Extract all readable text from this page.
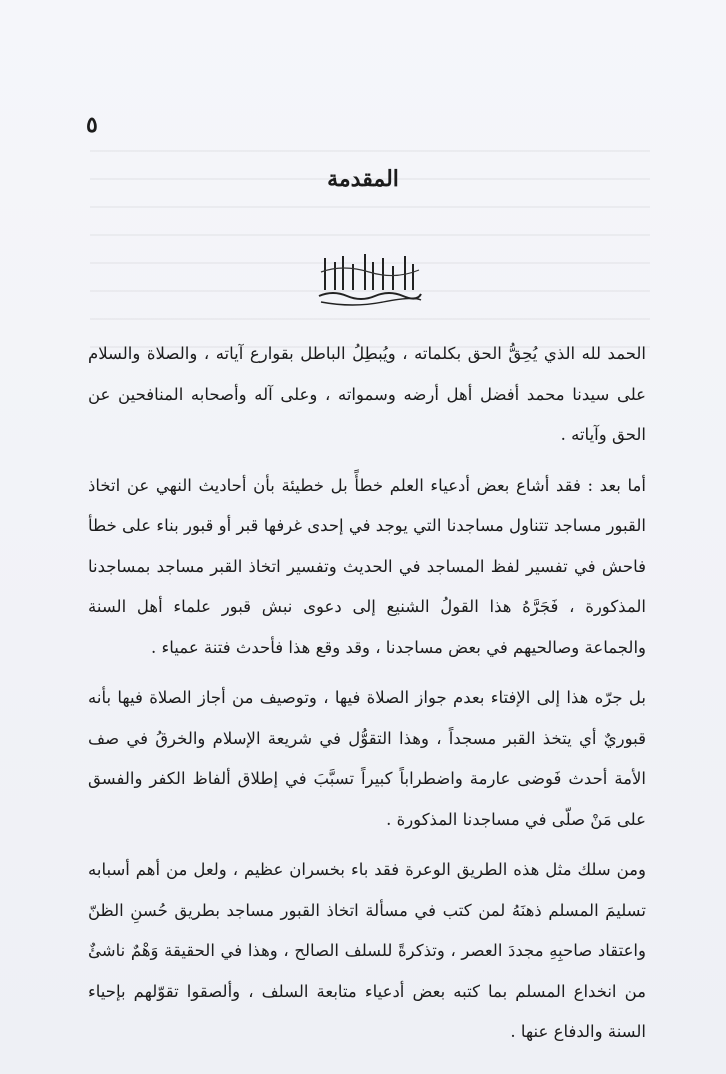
٥
المقدمة

الحمد لله الذي يُحِقُّ الحق بكلماته ، ويُبطِلُ الباطل بقوارع آياته ، والصلاة والسلام على سيدنا محمد أفضل أهل أرضه وسمواته ، وعلى آله وأصحابه المنافحين عن الحق وآياته .

أما بعد : فقد أشاع بعض أدعياء العلم خطأً بل خطيئة بأن أحاديث النهي عن اتخاذ القبور مساجد تتناول مساجدنا التي يوجد في إحدى غرفها قبر أو قبور بناء على خطأ فاحش في تفسير لفظ المساجد في الحديث وتفسير اتخاذ القبر مساجد بمساجدنا المذكورة ، فَجَرَّهُ هذا القولُ الشنيع إلى دعوى نبش قبور علماء أهل السنة والجماعة وصالحيهم في بعض مساجدنا ، وقد وقع هذا فأحدث فتنة عمياء .

بل جرّه هذا إلى الإفتاء بعدم جواز الصلاة فيها ، وتوصيف من أجاز الصلاة فيها بأنه قبوريٌ أي يتخذ القبر مسجداً ، وهذا التقوُّل في شريعة الإسلام والخرقُ في صف الأمة أحدث فَوضى عارمة واضطراباً كبيراً تسبَّبَ في إطلاق ألفاظ الكفر والفسق على مَنْ صلّى في مساجدنا المذكورة .

ومن سلك مثل هذه الطريق الوعرة فقد باء بخسران عظيم ، ولعل من أهم أسبابه تسليمَ المسلم ذهنَهُ لمن كتب في مسألة اتخاذ القبور مساجد بطريق حُسنِ الظنّ واعتقاد صاحبِهِ مجددَ العصر ، وتذكرةً للسلف الصالح ، وهذا في الحقيقة وَهْمٌ ناشئٌ من انخداع المسلم بما كتبه بعض أدعياء متابعة السلف ، وألصقوا تقوّلهم بإحياء السنة والدفاع عنها .
